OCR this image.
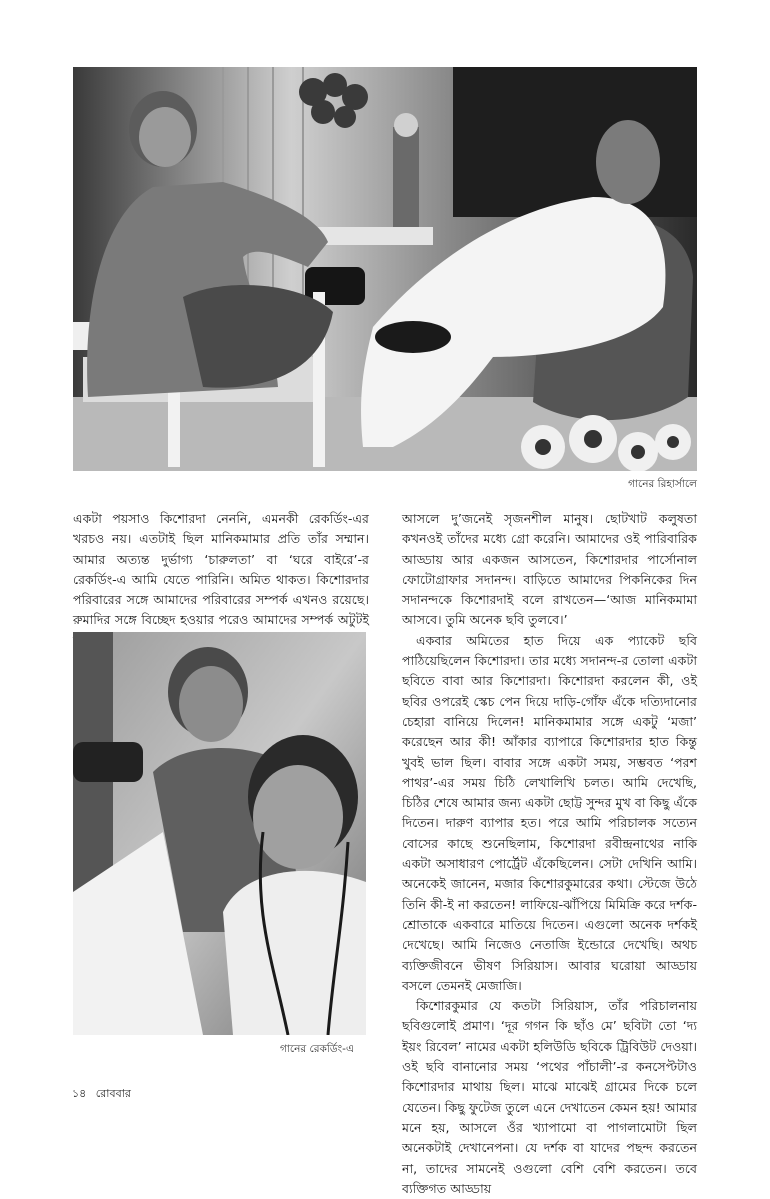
গানের রিহার্সালে

একটা পয়সাও কিশোরদা নেননি, এমনকী রেকর্ডিং-এর খরচও নয়। এতটাই ছিল মানিকমামার প্রতি তাঁর সম্মান। আমার অত্যন্ত দুর্ভাগ্য ‘চারুলতা’ বা ‘ঘরে বাইরে’-র রেকর্ডিং-এ আমি যেতে পারিনি। অমিত থাকত। কিশোরদার পরিবারের সঙ্গে আমাদের পরিবারের সম্পর্ক এখনও রয়েছে। রুমাদির সঙ্গে বিচ্ছেদ হওয়ার পরেও আমাদের সম্পর্ক অটুটই

গানের রেকর্ডিং-এ

আসলে দু’জনেই সৃজনশীল মানুষ। ছোটখাট কলুষতা কখনওই তাঁদের মধ্যে গ্রো করেনি। আমাদের ওই পারিবারিক আড্ডায় আর একজন আসতেন, কিশোরদার পার্সোনাল ফোটোগ্রাফার সদানন্দ। বাড়িতে আমাদের পিকনিকের দিন সদানন্দকে কিশোরদাই বলে রাখতেন—‘আজ মানিকমামা আসবে। তুমি অনেক ছবি তুলবে।’

একবার অমিতের হাত দিয়ে এক প্যাকেট ছবি পাঠিয়েছিলেন কিশোরদা। তার মধ্যে সদানন্দ-র তোলা একটা ছবিতে বাবা আর কিশোরদা। কিশোরদা করলেন কী, ওই ছবির ওপরেই স্কেচ পেন দিয়ে দাড়ি-গোঁফ এঁকে দত্যিদানোর চেহারা বানিয়ে দিলেন! মানিকমামার সঙ্গে একটু ‘মজা’ করেছেন আর কী! আঁকার ব্যাপারে কিশোরদার হাত কিন্তু খুবই ভাল ছিল। বাবার সঙ্গে একটা সময়, সম্ভবত ‘পরশ পাথর’-এর সময় চিঠি লেখালিখি চলত। আমি দেখেছি, চিঠির শেষে আমার জন্য একটা ছোট্ট সুন্দর মুখ বা কিছু এঁকে দিতেন। দারুণ ব্যাপার হত। পরে আমি পরিচালক সত্যেন বোসের কাছে শুনেছিলাম, কিশোরদা রবীন্দ্রনাথের নাকি একটা অসাধারণ পোর্ট্রেট এঁকেছিলেন। সেটা দেখিনি আমি। অনেকেই জানেন, মজার কিশোরকুমারের কথা। স্টেজে উঠে তিনি কী-ই না করতেন! লাফিয়ে-ঝাঁপিয়ে মিমিক্রি করে দর্শক-শ্রোতাকে একবারে মাতিয়ে দিতেন। এগুলো অনেক দর্শকই দেখেছে। আমি নিজেও নেতাজি ইন্ডোরে দেখেছি। অথচ ব্যক্তিজীবনে ভীষণ সিরিয়াস। আবার ঘরোয়া আড্ডায় বসলে তেমনই মেজাজি।

কিশোরকুমার যে কতটা সিরিয়াস, তাঁর পরিচালনায় ছবিগুলোই প্রমাণ। ‘দূর গগন কি ছাঁও মে’ ছবিটা তো ‘দ্য ইয়ং রিবেল’ নামের একটা হলিউডি ছবিকে ট্রিবিউট দেওয়া। ওই ছবি বানানোর সময় ‘পথের পাঁচালী’-র কনসেপ্টটাও কিশোরদার মাথায় ছিল। মাঝে মাঝেই গ্রামের দিকে চলে যেতেন। কিছু ফুটেজ তুলে এনে দেখাতেন কেমন হয়! আমার মনে হয়, আসলে ওঁর খ্যাপামো বা পাগলামোটা ছিল অনেকটাই দেখানেপনা। যে দর্শক বা যাদের পছন্দ করতেন না, তাদের সামনেই ওগুলো বেশি বেশি করতেন। তবে ব্যক্তিগত আড্ডায়

১৪ রোববার
